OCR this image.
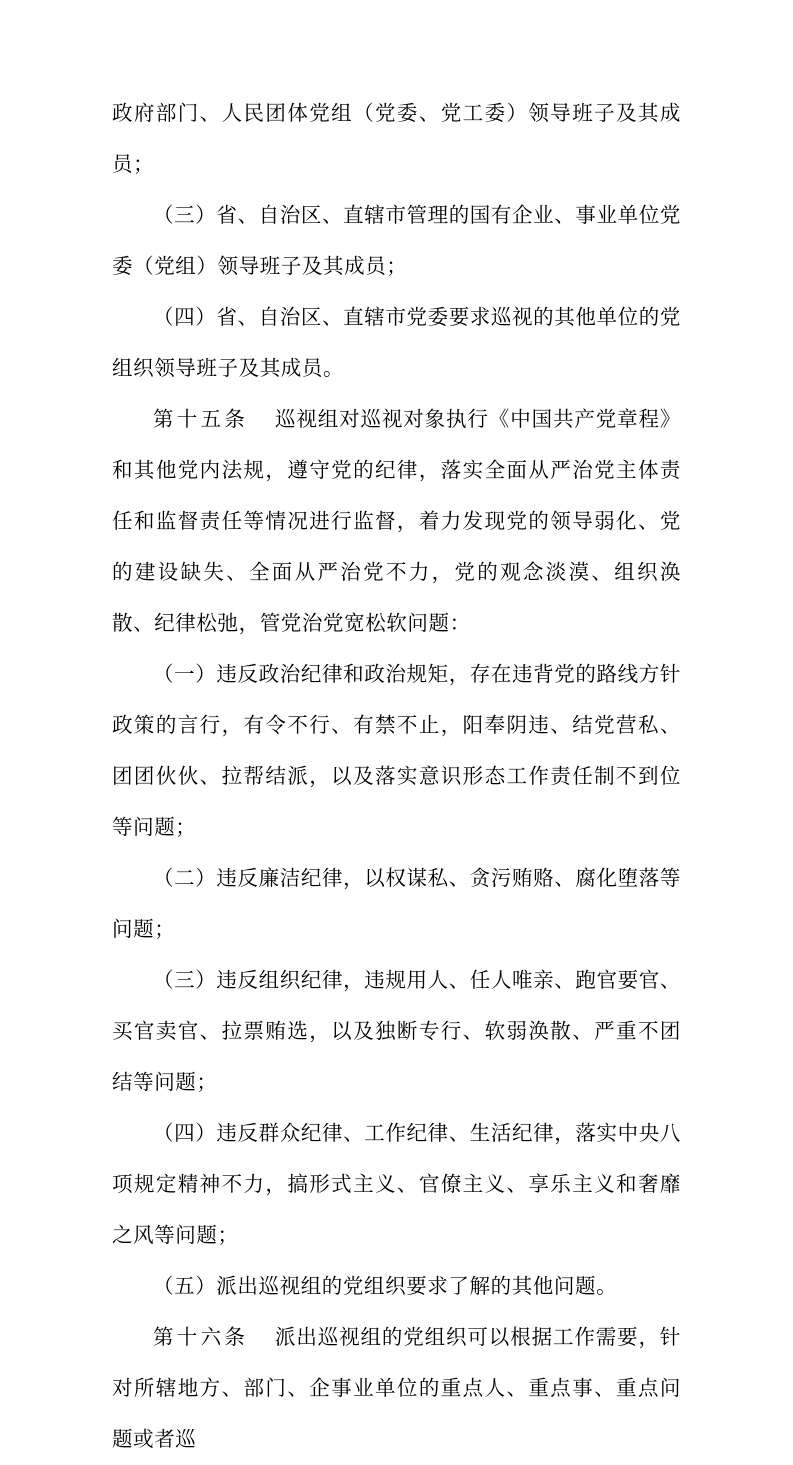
政府部门、人民团体党组（党委、党工委）领导班子及其成员；

（三）省、自治区、直辖市管理的国有企业、事业单位党委（党组）领导班子及其成员；

（四）省、自治区、直辖市党委要求巡视的其他单位的党组织领导班子及其成员。

第十五条 巡视组对巡视对象执行《中国共产党章程》和其他党内法规，遵守党的纪律，落实全面从严治党主体责任和监督责任等情况进行监督，着力发现党的领导弱化、党的建设缺失、全面从严治党不力，党的观念淡漠、组织涣散、纪律松弛，管党治党宽松软问题：

（一）违反政治纪律和政治规矩，存在违背党的路线方针政策的言行，有令不行、有禁不止，阳奉阴违、结党营私、团团伙伙、拉帮结派，以及落实意识形态工作责任制不到位等问题；

（二）违反廉洁纪律，以权谋私、贪污贿赂、腐化堕落等问题；

（三）违反组织纪律，违规用人、任人唯亲、跑官要官、买官卖官、拉票贿选，以及独断专行、软弱涣散、严重不团结等问题；

（四）违反群众纪律、工作纪律、生活纪律，落实中央八项规定精神不力，搞形式主义、官僚主义、享乐主义和奢靡之风等问题；

（五）派出巡视组的党组织要求了解的其他问题。

第十六条 派出巡视组的党组织可以根据工作需要，针对所辖地方、部门、企事业单位的重点人、重点事、重点问题或者巡
